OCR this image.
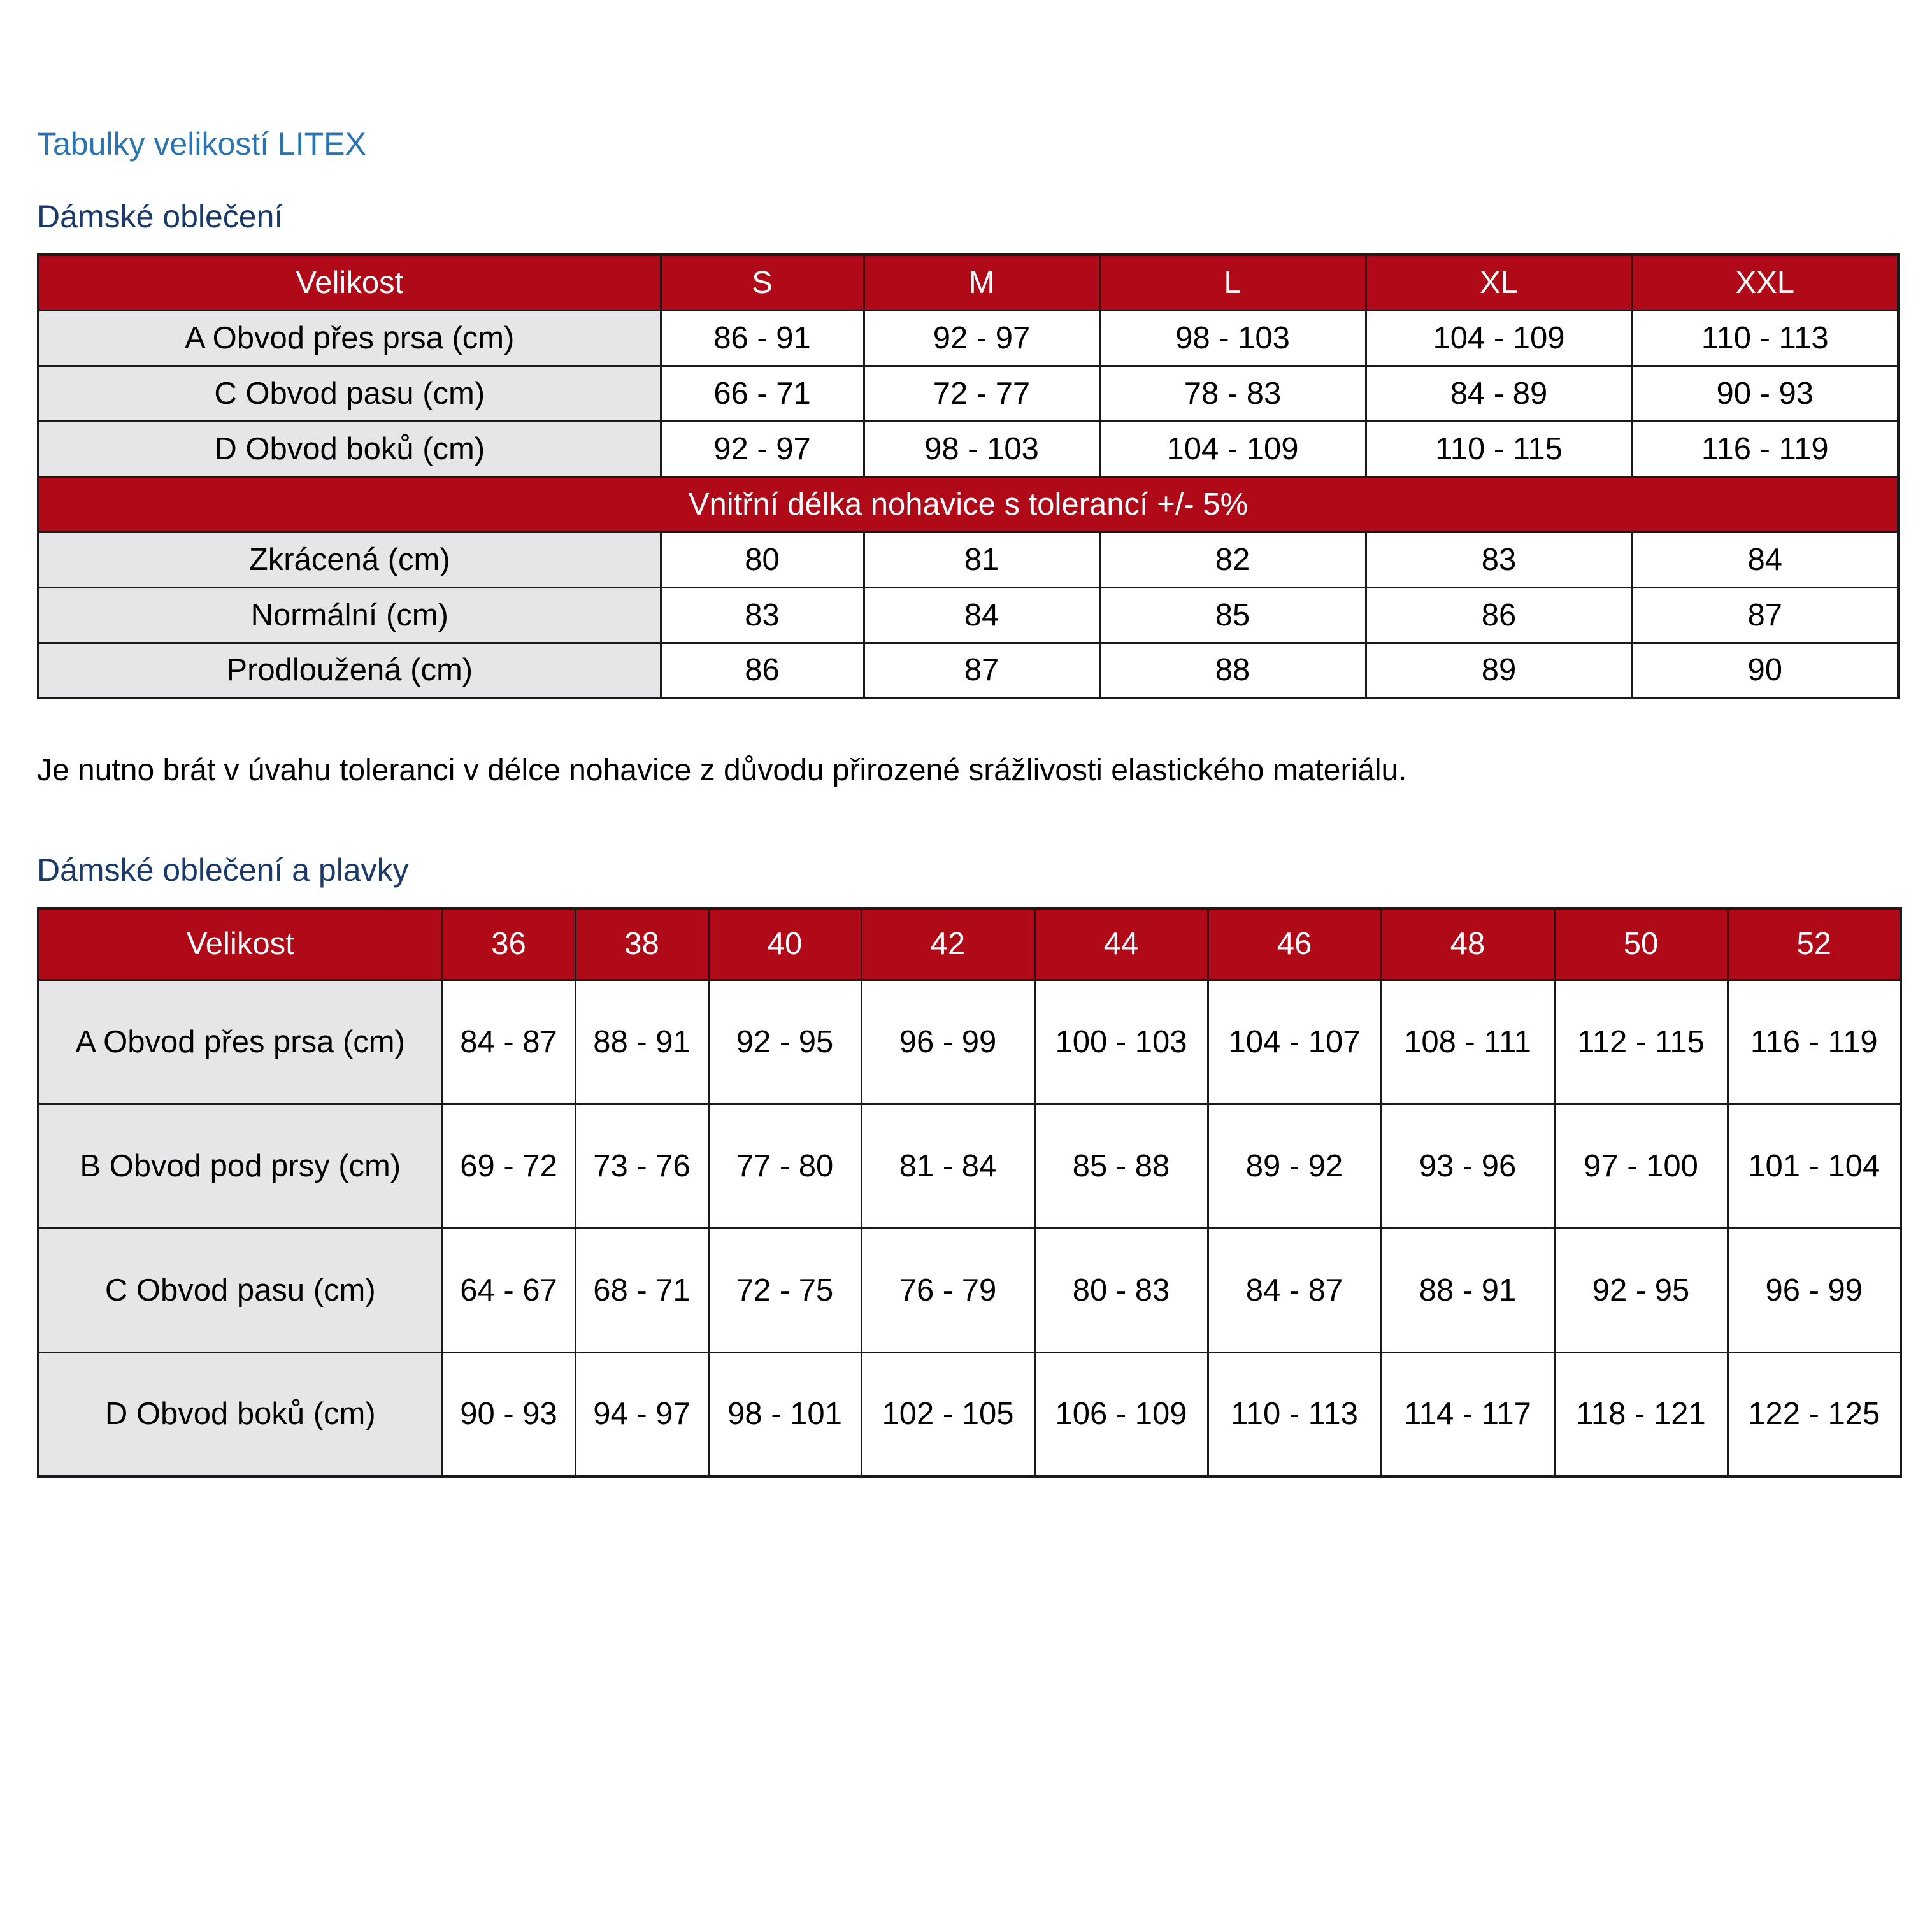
Tabulky velikostí LITEX
Dámské oblečení
Velikost	S	M	L	XL	XXL
A Obvod přes prsa (cm)	86 - 91	92 - 97	98 - 103	104 - 109	110 - 113
C Obvod pasu (cm)	66 - 71	72 - 77	78 - 83	84 - 89	90 - 93
D Obvod boků (cm)	92 - 97	98 - 103	104 - 109	110 - 115	116 - 119
Vnitřní délka nohavice s tolerancí +/- 5%					
Zkrácená (cm)	80	81	82	83	84
Normální (cm)	83	84	85	86	87
Prodloužená (cm)	86	87	88	89	90
Je nutno brát v úvahu toleranci v délce nohavice z důvodu přirozené srážlivosti elastického materiálu.
Dámské oblečení a plavky
Velikost	36	38	40	42	44	46	48	50	52
A Obvod přes prsa (cm)	84 - 87	88 - 91	92 - 95	96 - 99	100 - 103	104 - 107	108 - 111	112 - 115	116 - 119
B Obvod pod prsy (cm)	69 - 72	73 - 76	77 - 80	81 - 84	85 - 88	89 - 92	93 - 96	97 - 100	101 - 104
C Obvod pasu (cm)	64 - 67	68 - 71	72 - 75	76 - 79	80 - 83	84 - 87	88 - 91	92 - 95	96 - 99
D Obvod boků (cm)	90 - 93	94 - 97	98 - 101	102 - 105	106 - 109	110 - 113	114 - 117	118 - 121	122 - 125
